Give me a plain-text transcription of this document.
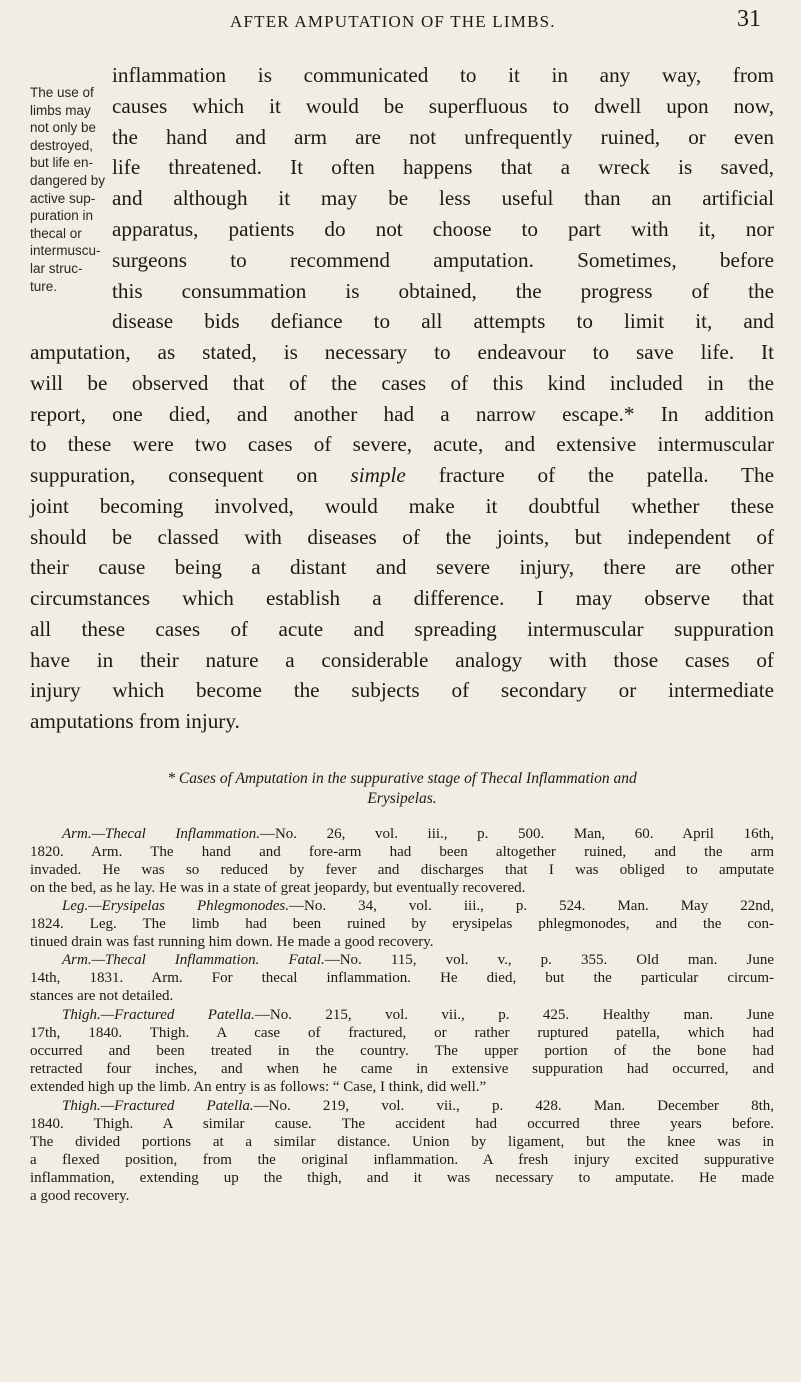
AFTER AMPUTATION OF THE LIMBS.	31
The use of
limbs may
not only be
destroyed,
but life en-
dangered by
active sup-
puration in
thecal or
intermuscu-
lar struc-
ture.
inflammation is communicated to it in any way, from
causes which it would be superfluous to dwell upon now,
the hand and arm are not unfrequently ruined, or even
life threatened. It often happens that a wreck is saved,
and although it may be less useful than an artificial
apparatus, patients do not choose to part with it, nor
surgeons to recommend amputation. Sometimes, before
this consummation is obtained, the progress of the
disease bids defiance to all attempts to limit it, and
amputation, as stated, is necessary to endeavour to save life. It
will be observed that of the cases of this kind included in the
report, one died, and another had a narrow escape.* In addition
to these were two cases of severe, acute, and extensive intermuscular
suppuration, consequent on simple fracture of the patella. The
joint becoming involved, would make it doubtful whether these
should be classed with diseases of the joints, but independent of
their cause being a distant and severe injury, there are other
circumstances which establish a difference. I may observe that
all these cases of acute and spreading intermuscular suppuration
have in their nature a considerable analogy with those cases of
injury which become the subjects of secondary or intermediate
amputations from injury.
* Cases of Amputation in the suppurative stage of Thecal Inflammation and
Erysipelas.
Arm.—Thecal Inflammation.—No. 26, vol. iii., p. 500. Man, 60. April 16th,
1820. Arm. The hand and fore-arm had been altogether ruined, and the arm
invaded. He was so reduced by fever and discharges that I was obliged to amputate
on the bed, as he lay. He was in a state of great jeopardy, but eventually recovered.
Leg.—Erysipelas Phlegmonodes.—No. 34, vol. iii., p. 524. Man. May 22nd,
1824. Leg. The limb had been ruined by erysipelas phlegmonodes, and the con-
tinued drain was fast running him down. He made a good recovery.
Arm.—Thecal Inflammation. Fatal.—No. 115, vol. v., p. 355. Old man. June
14th, 1831. Arm. For thecal inflammation. He died, but the particular circum-
stances are not detailed.
Thigh.—Fractured Patella.—No. 215, vol. vii., p. 425. Healthy man. June
17th, 1840. Thigh. A case of fractured, or rather ruptured patella, which had
occurred and been treated in the country. The upper portion of the bone had
retracted four inches, and when he came in extensive suppuration had occurred, and
extended high up the limb. An entry is as follows: “ Case, I think, did well.”
Thigh.—Fractured Patella.—No. 219, vol. vii., p. 428. Man. December 8th,
1840. Thigh. A similar cause. The accident had occurred three years before.
The divided portions at a similar distance. Union by ligament, but the knee was in
a flexed position, from the original inflammation. A fresh injury excited suppurative
inflammation, extending up the thigh, and it was necessary to amputate. He made
a good recovery.
